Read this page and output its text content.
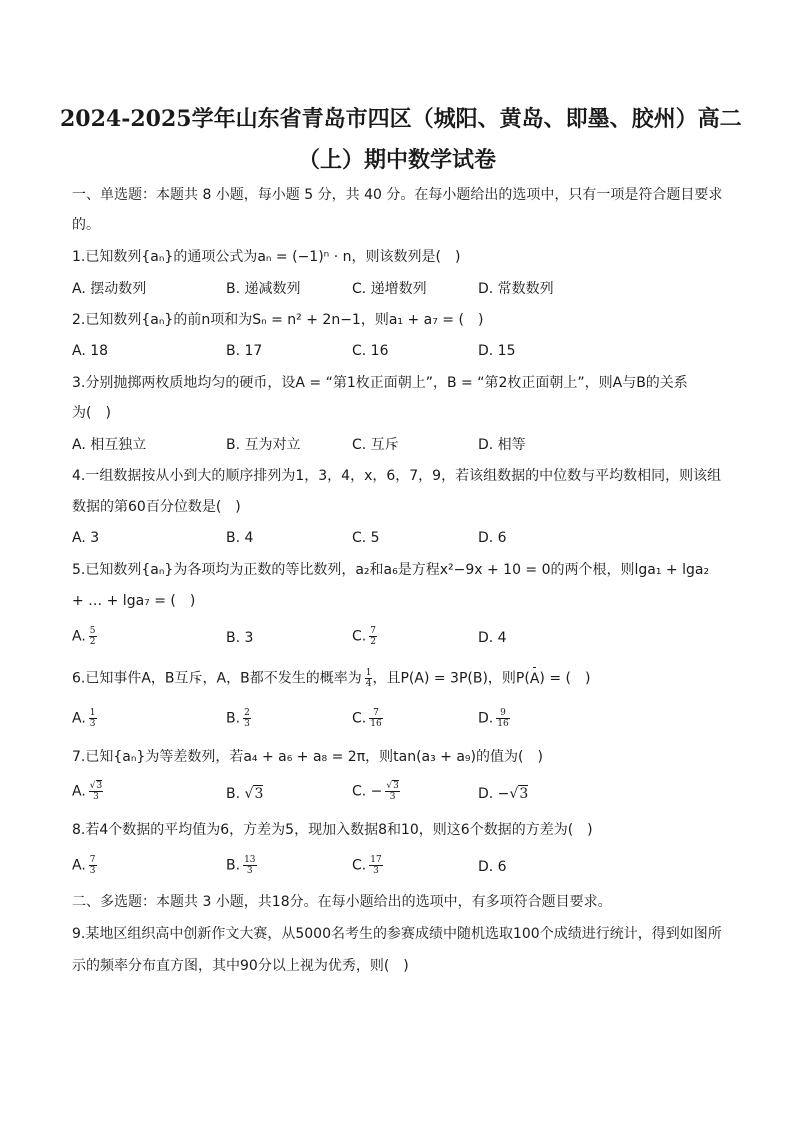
2024-2025学年山东省青岛市四区（城阳、黄岛、即墨、胶州）高二
（上）期中数学试卷
一、单选题：本题共 8 小题，每小题 5 分，共 40 分。在每小题给出的选项中，只有一项是符合题目要求
的。
1.已知数列{aₙ}的通项公式为aₙ = (−1)ⁿ · n，则该数列是(　)
A. 摆动数列	B. 递减数列	C. 递增数列	D. 常数数列
2.已知数列{aₙ}的前n项和为Sₙ = n² + 2n−1，则a₁ + a₇ = (　)
A. 18	B. 17	C. 16	D. 15
3.分别抛掷两枚质地均匀的硬币，设A = “第1枚正面朝上”，B = “第2枚正面朝上”，则A与B的关系
为(　)
A. 相互独立	B. 互为对立	C. 互斥	D. 相等
4.一组数据按从小到大的顺序排列为1，3，4，x，6，7，9，若该组数据的中位数与平均数相同，则该组
数据的第60百分位数是(　)
A. 3	B. 4	C. 5	D. 6
5.已知数列{aₙ}为各项均为正数的等比数列，a₂和a₆是方程x²−9x + 10 = 0的两个根，则lga₁ + lga₂
+ … + lga₇ = (　)
A. $\frac{5}{2}$	B. 3	C. $\frac{7}{2}$	D. 4
6.已知事件A，B互斥，A，B都不发生的概率为 $\frac{1}{4}$ ，且P(A) = 3P(B)，则P(A) = (　)
A. $\frac{1}{3}$	B. $\frac{2}{3}$	C. $\frac{7}{16}$	D. $\frac{9}{16}$
7.已知{aₙ}为等差数列，若a₄ + a₆ + a₈ = 2π，则tan(a₃ + a₉)的值为(　)
A. $\frac{√3}{3}$	B. √3	C. − $\frac{√3}{3}$	D. −√3
8.若4个数据的平均值为6，方差为5，现加入数据8和10，则这6个数据的方差为(　)
A. $\frac{7}{3}$	B. $\frac{13}{3}$	C. $\frac{17}{3}$	D. 6
二、多选题：本题共 3 小题，共18分。在每小题给出的选项中，有多项符合题目要求。
9.某地区组织高中创新作文大赛，从5000名考生的参赛成绩中随机选取100个成绩进行统计，得到如图所
示的频率分布直方图，其中90分以上视为优秀，则(　)
